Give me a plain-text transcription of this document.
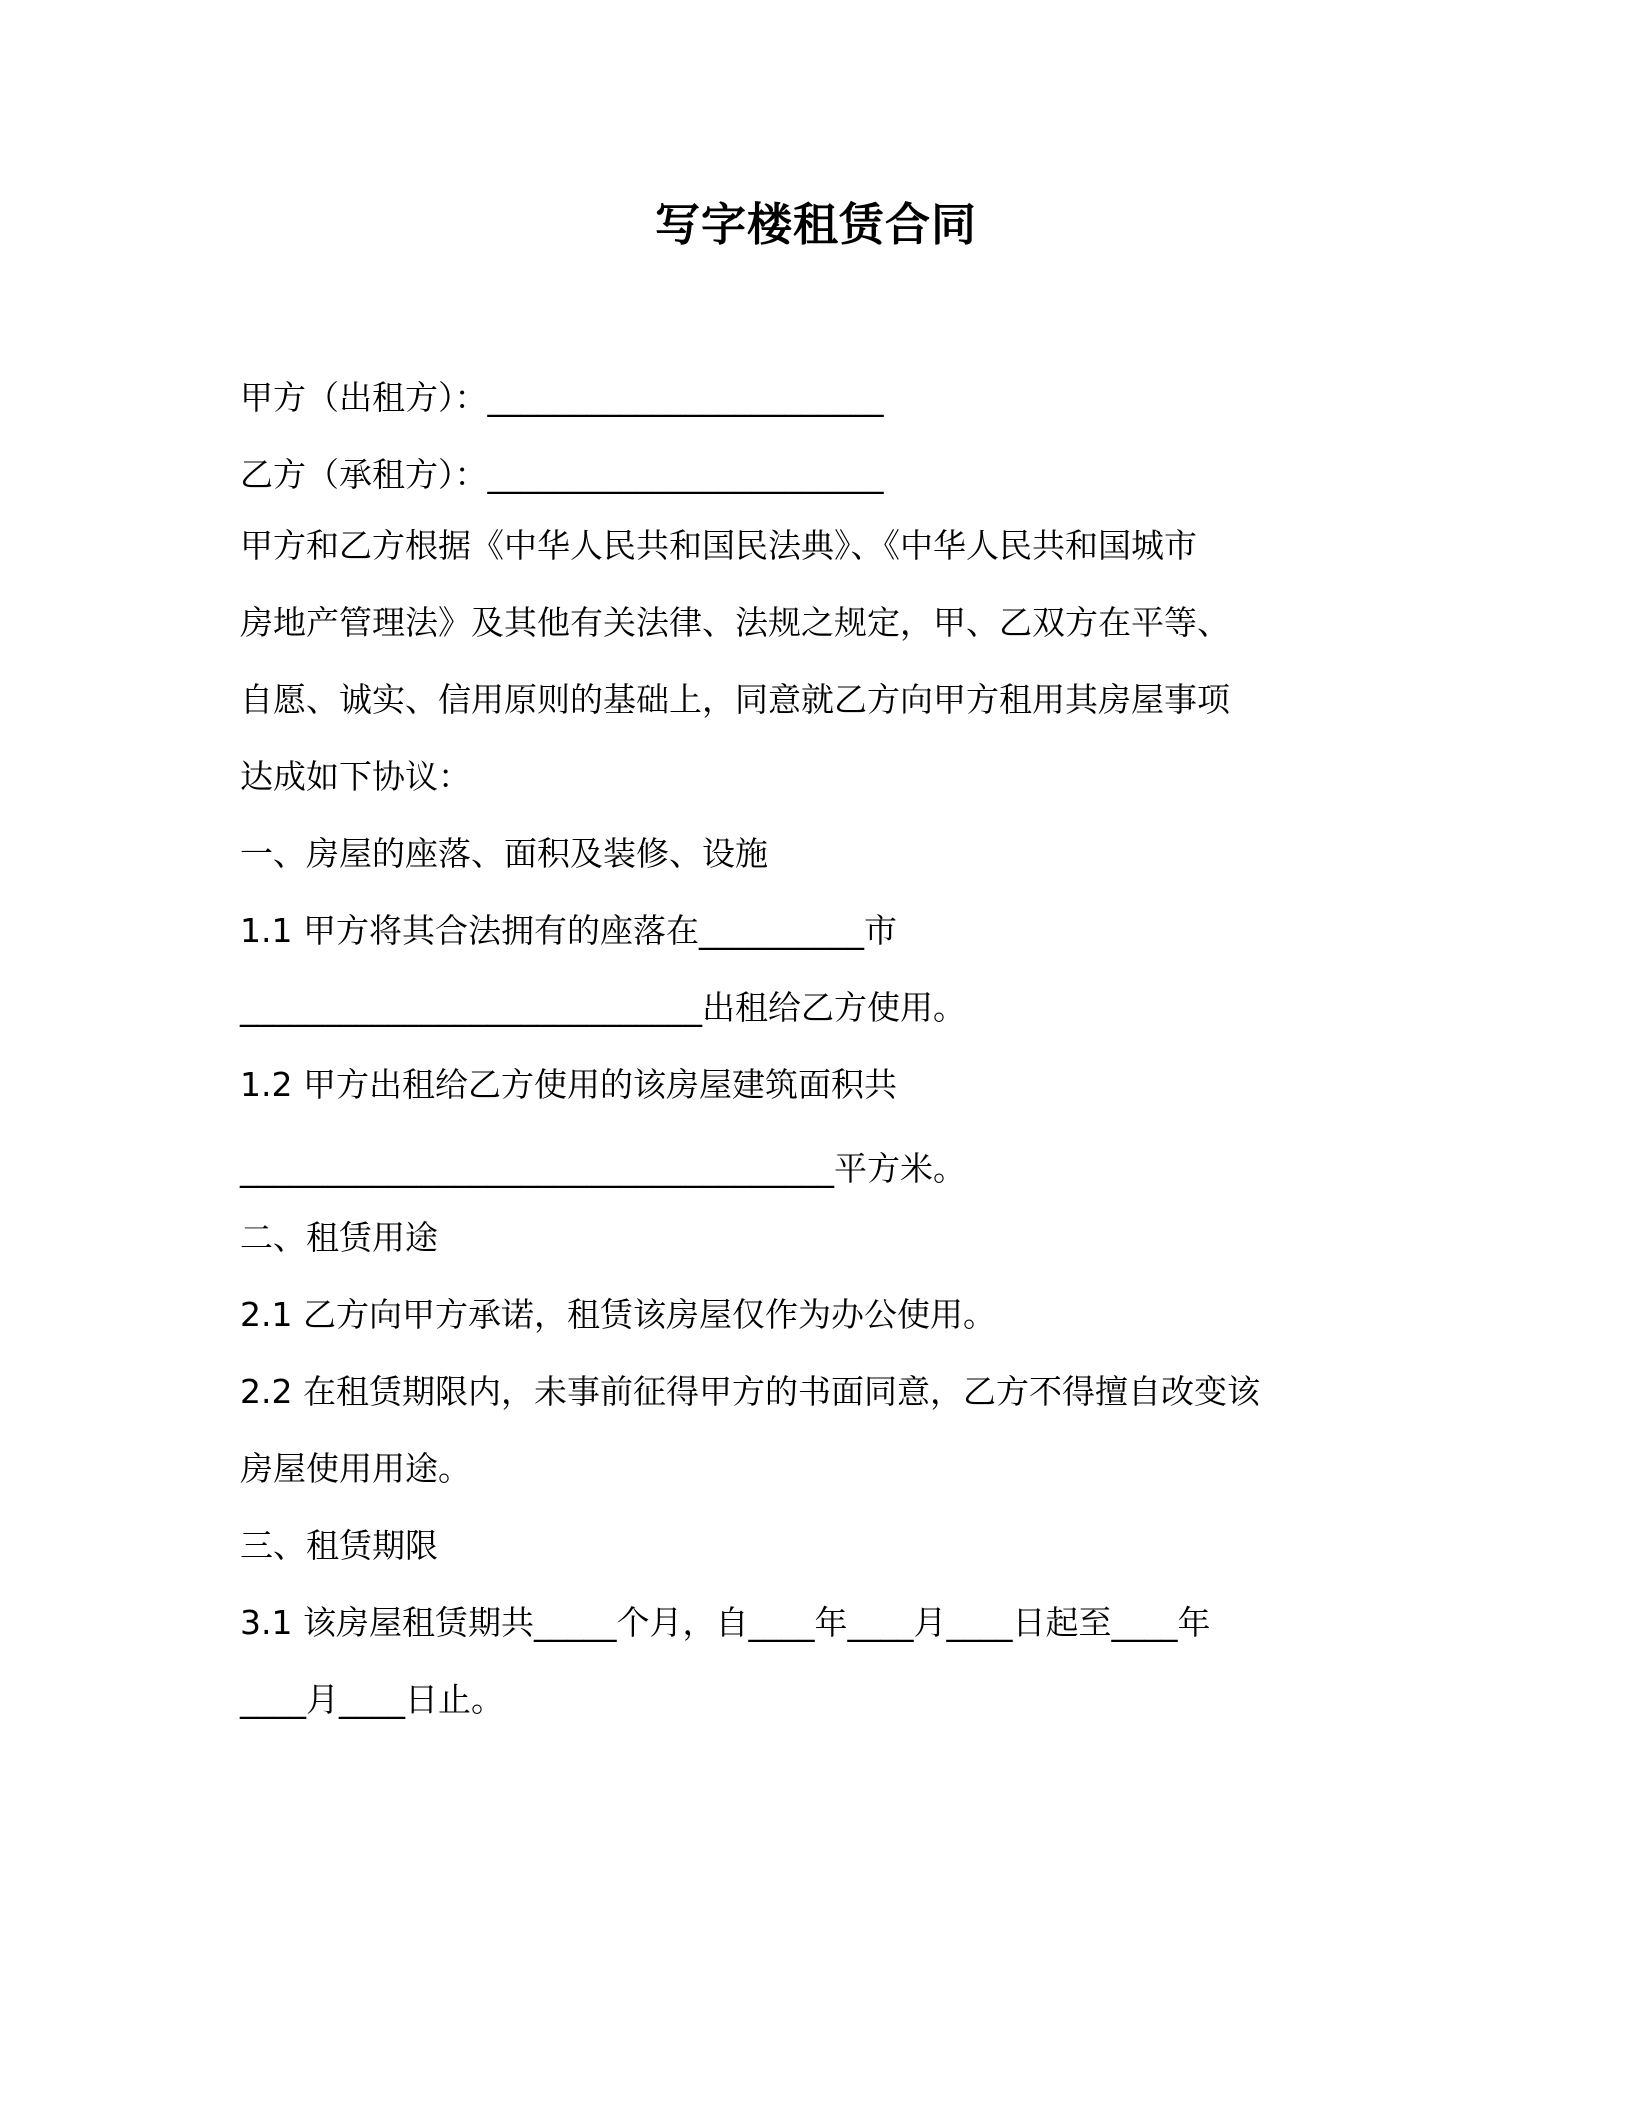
写字楼租赁合同
甲方（出租方）：________________________
乙方（承租方）：________________________
甲方和乙方根据《中华人民共和国民法典》、《中华人民共和国城市
房地产管理法》及其他有关法律、法规之规定，甲、乙双方在平等、
自愿、诚实、信用原则的基础上，同意就乙方向甲方租用其房屋事项
达成如下协议：
一、房屋的座落、面积及装修、设施
1.1 甲方将其合法拥有的座落在__________市
____________________________出租给乙方使用。
1.2 甲方出租给乙方使用的该房屋建筑面积共
____________________________________平方米。
二、租赁用途
2.1 乙方向甲方承诺，租赁该房屋仅作为办公使用。
2.2 在租赁期限内，未事前征得甲方的书面同意，乙方不得擅自改变该
房屋使用用途。
三、租赁期限
3.1 该房屋租赁期共_____个月，自____年____月____日起至____年
____月____日止。
